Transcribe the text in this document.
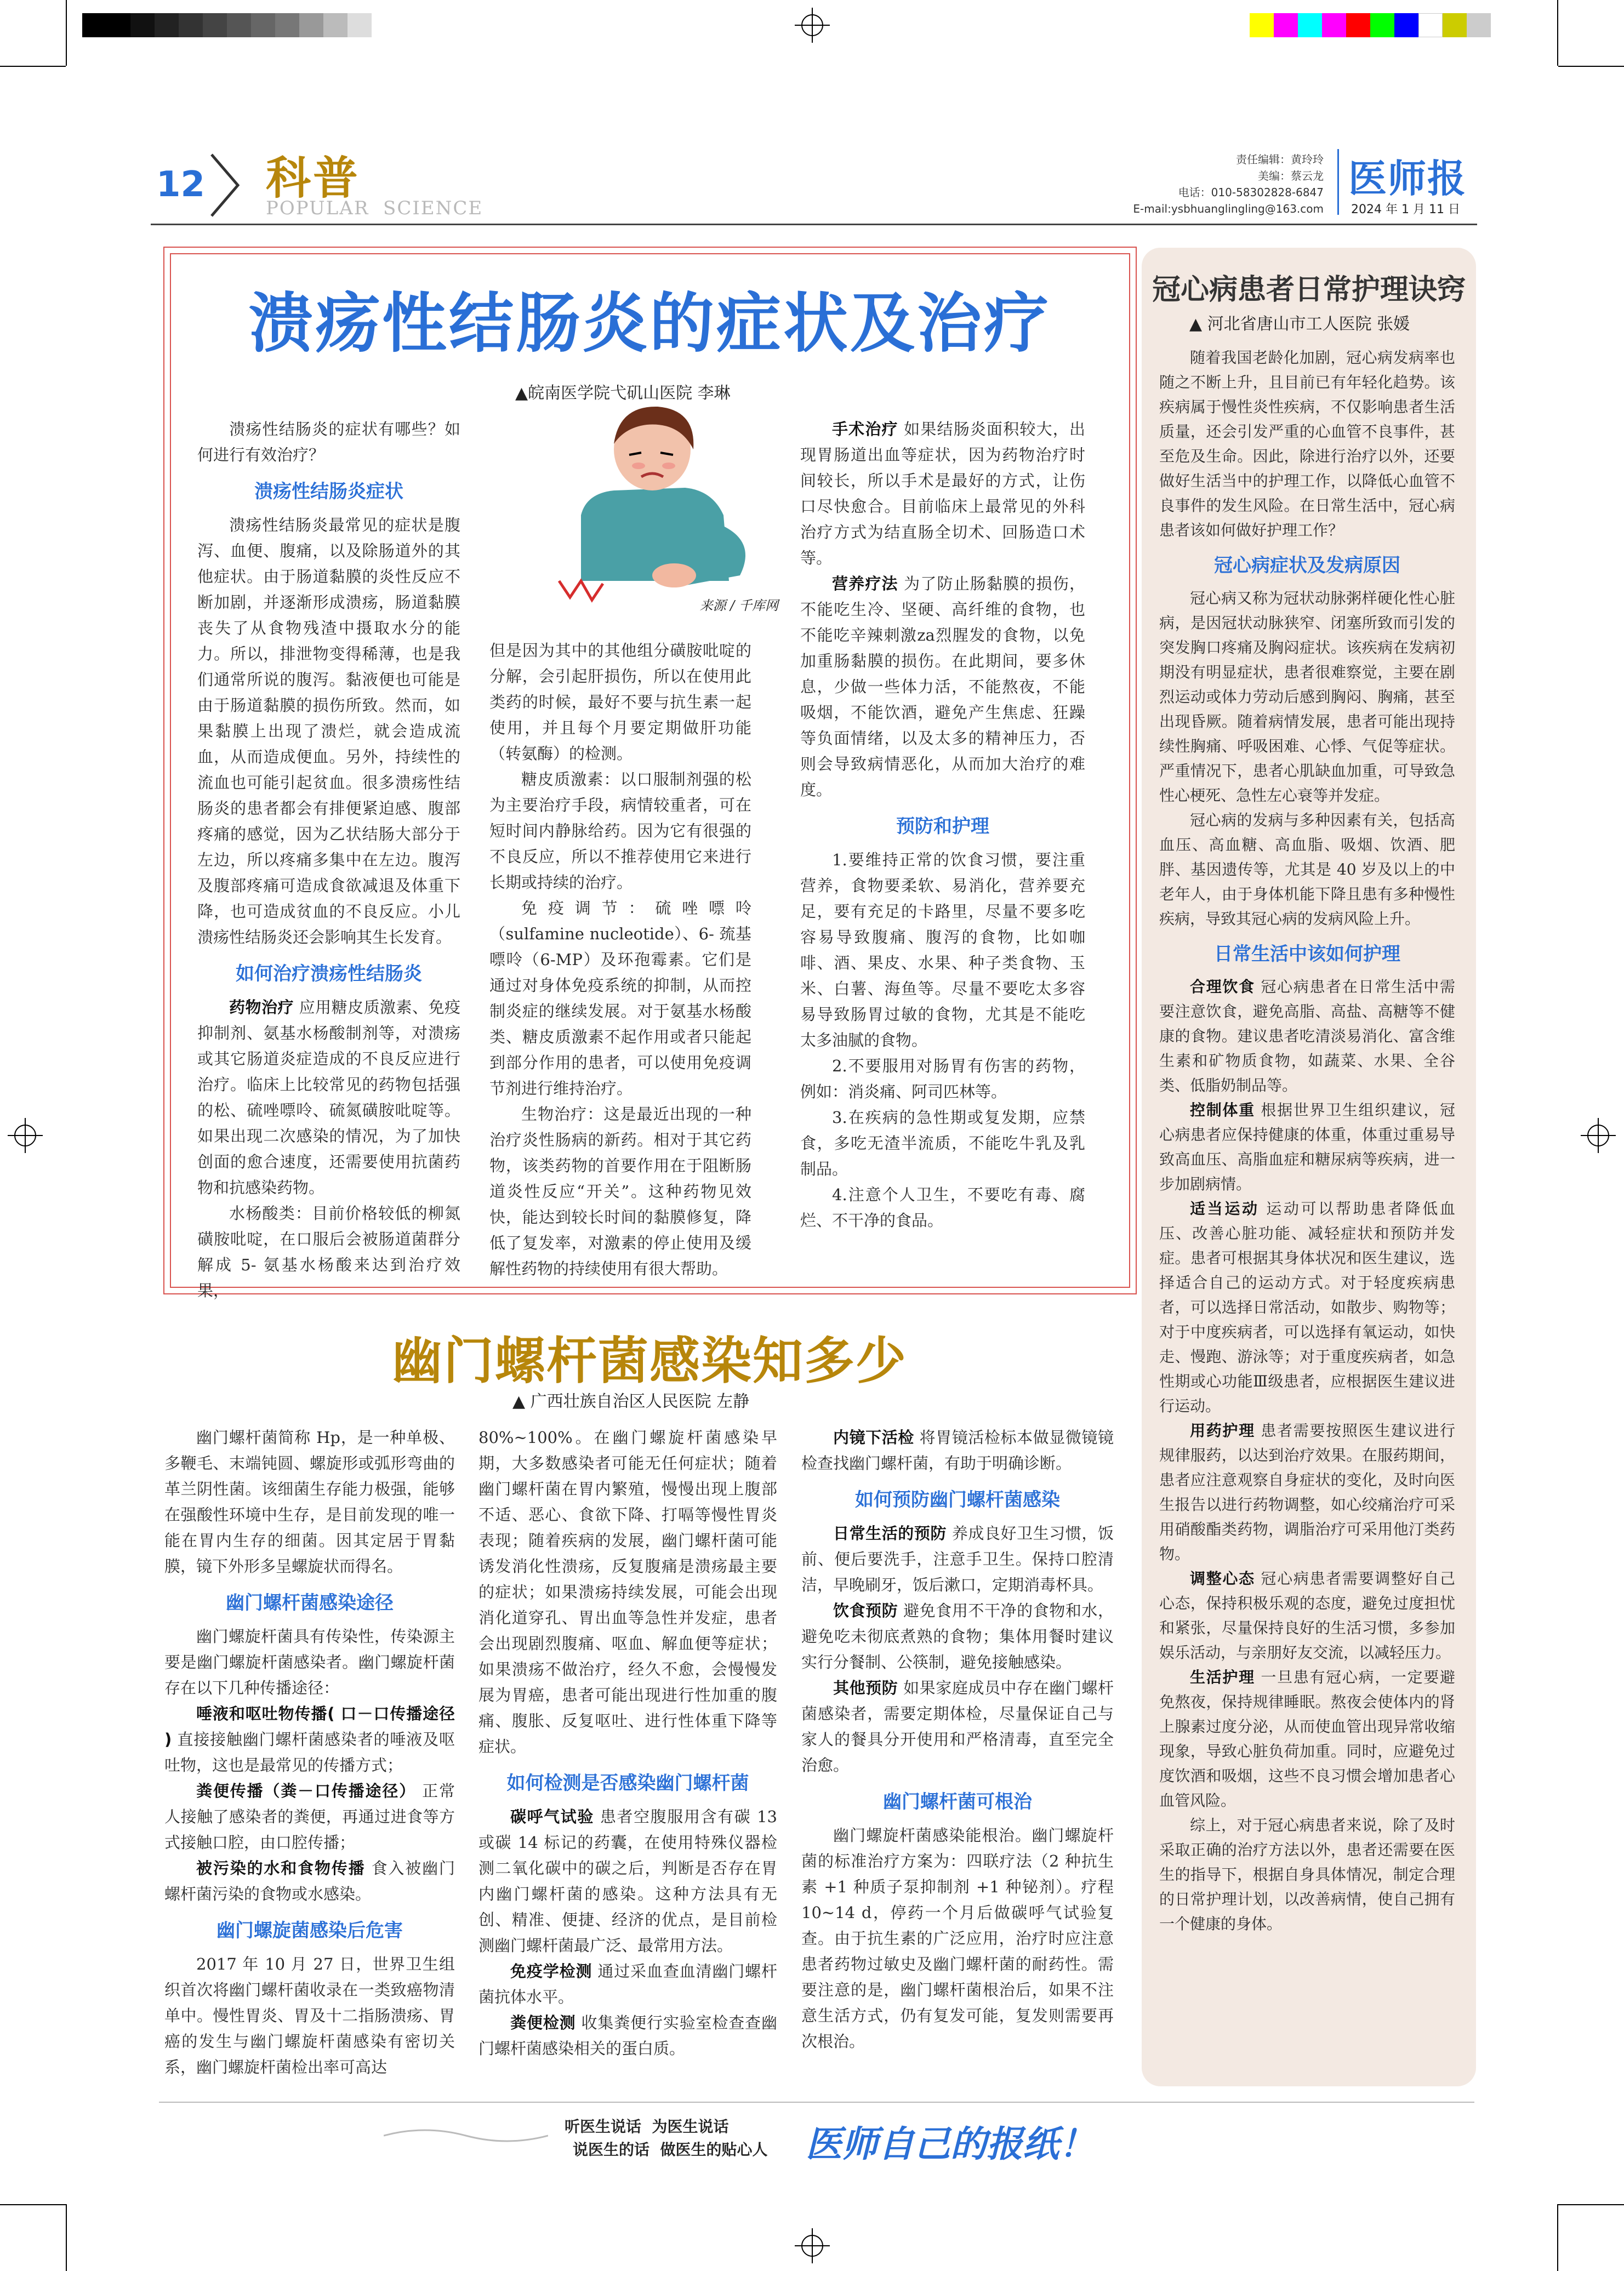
12 科普
POPULAR  SCIENCE
责任编辑：黄玲玲
美编：蔡云龙
电话：010-58302828-6847
E-mail:ysbhuanglingling@163.com
医师报
2024 年 1 月 11 日
溃疡性结肠炎的症状及治疗
▲皖南医学院弋矶山医院 李琳
来源 / 千库网

溃疡性结肠炎的症状有哪些？如何进行有效治疗？

溃疡性结肠炎症状

溃疡性结肠炎最常见的症状是腹泻、血便、腹痛，以及除肠道外的其他症状。由于肠道黏膜的炎性反应不断加剧，并逐渐形成溃疡，肠道黏膜丧失了从食物残渣中摄取水分的能力。所以，排泄物变得稀薄，也是我们通常所说的腹泻。黏液便也可能是由于肠道黏膜的损伤所致。然而，如果黏膜上出现了溃烂，就会造成流血，从而造成便血。另外，持续性的流血也可能引起贫血。很多溃疡性结肠炎的患者都会有排便紧迫感、腹部疼痛的感觉，因为乙状结肠大部分于左边，所以疼痛多集中在左边。腹泻及腹部疼痛可造成食欲减退及体重下降，也可造成贫血的不良反应。小儿溃疡性结肠炎还会影响其生长发育。

如何治疗溃疡性结肠炎

药物治疗 应用糖皮质激素、免疫抑制剂、氨基水杨酸制剂等，对溃疡或其它肠道炎症造成的不良反应进行治疗。临床上比较常见的药物包括强的松、硫唑嘌呤、硫氮磺胺吡啶等。如果出现二次感染的情况，为了加快创面的愈合速度，还需要使用抗菌药物和抗感染药物。

水杨酸类：目前价格较低的柳氮磺胺吡啶，在口服后会被肠道菌群分解成 5- 氨基水杨酸来达到治疗效果，

但是因为其中的其他组分磺胺吡啶的分解，会引起肝损伤，所以在使用此类药的时候，最好不要与抗生素一起使用，并且每个月要定期做肝功能（转氨酶）的检测。

糖皮质激素：以口服制剂强的松为主要治疗手段，病情较重者，可在短时间内静脉给药。因为它有很强的不良反应，所以不推荐使用它来进行长期或持续的治疗。

免疫调节：硫唑嘌呤（sulfamine nucleotide）、6- 巯基嘌呤（6-MP）及环孢霉素。它们是通过对身体免疫系统的抑制，从而控制炎症的继续发展。对于氨基水杨酸类、糖皮质激素不起作用或者只能起到部分作用的患者，可以使用免疫调节剂进行维持治疗。

生物治疗：这是最近出现的一种治疗炎性肠病的新药。相对于其它药物，该类药物的首要作用在于阻断肠道炎性反应“开关”。这种药物见效快，能达到较长时间的黏膜修复，降低了复发率，对激素的停止使用及缓解性药物的持续使用有很大帮助。

手术治疗 如果结肠炎面积较大，出现胃肠道出血等症状，因为药物治疗时间较长，所以手术是最好的方式，让伤口尽快愈合。目前临床上最常见的外科治疗方式为结直肠全切术、回肠造口术等。

营养疗法 为了防止肠黏膜的损伤，不能吃生冷、坚硬、高纤维的食物，也不能吃辛辣刺激za烈腥发的食物，以免加重肠黏膜的损伤。在此期间，要多休息，少做一些体力活，不能熬夜，不能吸烟，不能饮酒，避免产生焦虑、狂躁等负面情绪，以及太多的精神压力，否则会导致病情恶化，从而加大治疗的难度。

预防和护理

1.要维持正常的饮食习惯，要注重营养，食物要柔软、易消化，营养要充足，要有充足的卡路里，尽量不要多吃容易导致腹痛、腹泻的食物，比如咖啡、酒、果皮、水果、种子类食物、玉米、白薯、海鱼等。尽量不要吃太多容易导致肠胃过敏的食物，尤其是不能吃太多油腻的食物。

2.不要服用对肠胃有伤害的药物，例如：消炎痛、阿司匹林等。

3.在疾病的急性期或复发期，应禁食，多吃无渣半流质，不能吃牛乳及乳制品。

4.注意个人卫生，不要吃有毒、腐烂、不干净的食品。

幽门螺杆菌感染知多少
▲ 广西壮族自治区人民医院 左静

幽门螺杆菌简称 Hp，是一种单极、多鞭毛、末端钝圆、螺旋形或弧形弯曲的革兰阴性菌。该细菌生存能力极强，能够在强酸性环境中生存，是目前发现的唯一能在胃内生存的细菌。因其定居于胃黏膜，镜下外形多呈螺旋状而得名。

幽门螺杆菌感染途径

幽门螺旋杆菌具有传染性，传染源主要是幽门螺旋杆菌感染者。幽门螺旋杆菌存在以下几种传播途径：

唾液和呕吐物传播( 口－口传播途径 ) 直接接触幽门螺杆菌感染者的唾液及呕吐物，这也是最常见的传播方式；

粪便传播（粪－口传播途径） 正常人接触了感染者的粪便，再通过进食等方式接触口腔，由口腔传播；

被污染的水和食物传播 食入被幽门螺杆菌污染的食物或水感染。

幽门螺旋菌感染后危害

2017 年 10 月 27 日，世界卫生组织首次将幽门螺杆菌收录在一类致癌物清单中。慢性胃炎、胃及十二指肠溃疡、胃癌的发生与幽门螺旋杆菌感染有密切关系，幽门螺旋杆菌检出率可高达

80%~100%。在幽门螺旋杆菌感染早期，大多数感染者可能无任何症状；随着幽门螺杆菌在胃内繁殖，慢慢出现上腹部不适、恶心、食欲下降、打嗝等慢性胃炎表现；随着疾病的发展，幽门螺杆菌可能诱发消化性溃疡，反复腹痛是溃疡最主要的症状；如果溃疡持续发展，可能会出现消化道穿孔、胃出血等急性并发症，患者会出现剧烈腹痛、呕血、解血便等症状；如果溃疡不做治疗，经久不愈，会慢慢发展为胃癌，患者可能出现进行性加重的腹痛、腹胀、反复呕吐、进行性体重下降等症状。

如何检测是否感染幽门螺杆菌

碳呼气试验 患者空腹服用含有碳 13 或碳 14 标记的药囊，在使用特殊仪器检测二氧化碳中的碳之后，判断是否存在胃内幽门螺杆菌的感染。这种方法具有无创、精准、便捷、经济的优点，是目前检测幽门螺杆菌最广泛、最常用方法。

免疫学检测 通过采血查血清幽门螺杆菌抗体水平。

粪便检测 收集粪便行实验室检查查幽门螺杆菌感染相关的蛋白质。

内镜下活检 将胃镜活检标本做显微镜镜检查找幽门螺杆菌，有助于明确诊断。

如何预防幽门螺杆菌感染

日常生活的预防 养成良好卫生习惯，饭前、便后要洗手，注意手卫生。保持口腔清洁，早晚刷牙，饭后漱口，定期消毒杯具。

饮食预防 避免食用不干净的食物和水，避免吃未彻底煮熟的食物；集体用餐时建议实行分餐制、公筷制，避免接触感染。

其他预防 如果家庭成员中存在幽门螺杆菌感染者，需要定期体检，尽量保证自己与家人的餐具分开使用和严格清毒，直至完全治愈。

幽门螺杆菌可根治

幽门螺旋杆菌感染能根治。幽门螺旋杆菌的标准治疗方案为：四联疗法（2 种抗生素 +1 种质子泵抑制剂 +1 种铋剂）。疗程 10~14 d，停药一个月后做碳呼气试验复查。由于抗生素的广泛应用，治疗时应注意患者药物过敏史及幽门螺杆菌的耐药性。需要注意的是，幽门螺杆菌根治后，如果不注意生活方式，仍有复发可能，复发则需要再次根治。

冠心病患者日常护理诀窍
▲ 河北省唐山市工人医院 张媛

随着我国老龄化加剧，冠心病发病率也随之不断上升，且目前已有年轻化趋势。该疾病属于慢性炎性疾病，不仅影响患者生活质量，还会引发严重的心血管不良事件，甚至危及生命。因此，除进行治疗以外，还要做好生活当中的护理工作，以降低心血管不良事件的发生风险。在日常生活中，冠心病患者该如何做好护理工作？

冠心病症状及发病原因

冠心病又称为冠状动脉粥样硬化性心脏病，是因冠状动脉狭窄、闭塞所致而引发的突发胸口疼痛及胸闷症状。该疾病在发病初期没有明显症状，患者很难察觉，主要在剧烈运动或体力劳动后感到胸闷、胸痛，甚至出现昏厥。随着病情发展，患者可能出现持续性胸痛、呼吸困难、心悸、气促等症状。严重情况下，患者心肌缺血加重，可导致急性心梗死、急性左心衰等并发症。

冠心病的发病与多种因素有关，包括高血压、高血糖、高血脂、吸烟、饮酒、肥胖、基因遗传等，尤其是 40 岁及以上的中老年人，由于身体机能下降且患有多种慢性疾病，导致其冠心病的发病风险上升。

日常生活中该如何护理

合理饮食 冠心病患者在日常生活中需要注意饮食，避免高脂、高盐、高糖等不健康的食物。建议患者吃清淡易消化、富含维生素和矿物质食物，如蔬菜、水果、全谷类、低脂奶制品等。

控制体重 根据世界卫生组织建议，冠心病患者应保持健康的体重，体重过重易导致高血压、高脂血症和糖尿病等疾病，进一步加剧病情。

适当运动 运动可以帮助患者降低血压、改善心脏功能、减轻症状和预防并发症。患者可根据其身体状况和医生建议，选择适合自己的运动方式。对于轻度疾病患者，可以选择日常活动，如散步、购物等；对于中度疾病者，可以选择有氧运动，如快走、慢跑、游泳等；对于重度疾病者，如急性期或心功能Ⅲ级患者，应根据医生建议进行运动。

用药护理 患者需要按照医生建议进行规律服药，以达到治疗效果。在服药期间，患者应注意观察自身症状的变化，及时向医生报告以进行药物调整，如心绞痛治疗可采用硝酸酯类药物，调脂治疗可采用他汀类药物。

调整心态 冠心病患者需要调整好自己心态，保持积极乐观的态度，避免过度担忧和紧张，尽量保持良好的生活习惯，多参加娱乐活动，与亲朋好友交流，以减轻压力。

生活护理 一旦患有冠心病，一定要避免熬夜，保持规律睡眠。熬夜会使体内的肾上腺素过度分泌，从而使血管出现异常收缩现象，导致心脏负荷加重。同时，应避免过度饮酒和吸烟，这些不良习惯会增加患者心血管风险。

综上，对于冠心病患者来说，除了及时采取正确的治疗方法以外，患者还需要在医生的指导下，根据自身具体情况，制定合理的日常护理计划，以改善病情，使自己拥有一个健康的身体。

听医生说话  为医生说话
说医生的话  做医生的贴心人 医师自己的报纸！
